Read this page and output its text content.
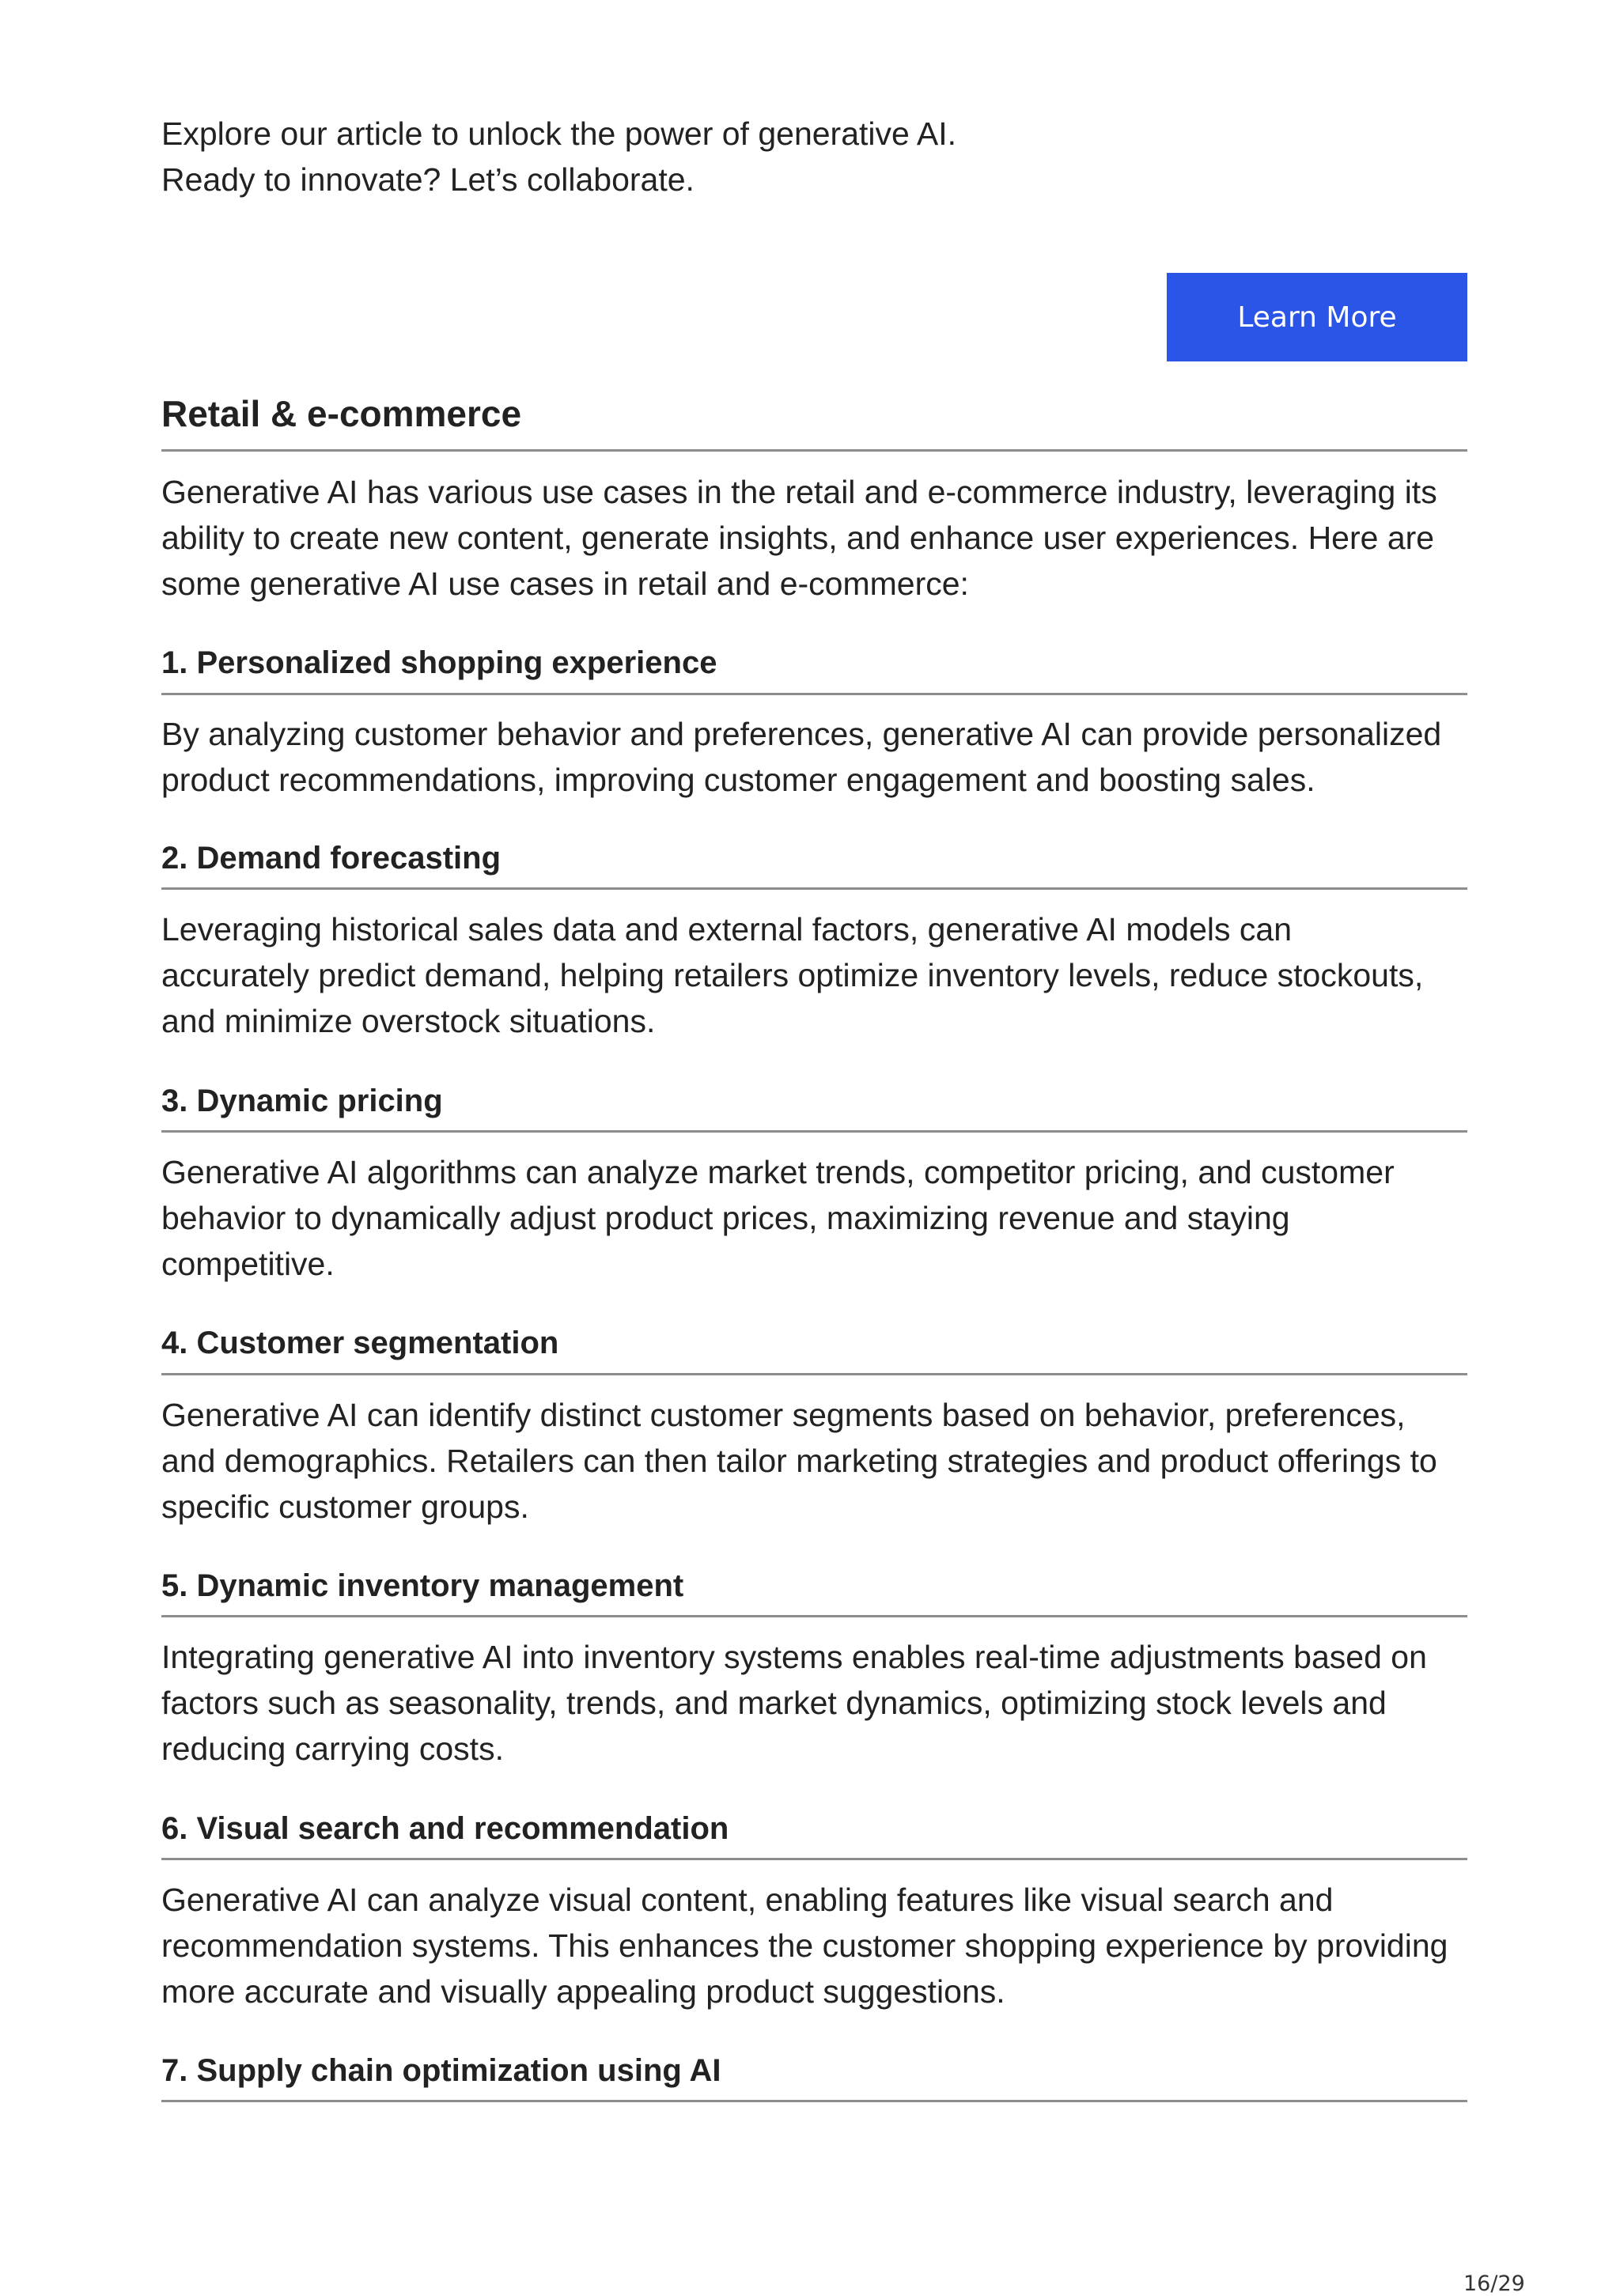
Explore our article to unlock the power of generative AI.

Ready to innovate? Let’s collaborate.

Learn More
Retail & e-commerce

Generative AI has various use cases in the retail and e-commerce industry, leveraging its
ability to create new content, generate insights, and enhance user experiences. Here are
some generative AI use cases in retail and e-commerce:

1. Personalized shopping experience

By analyzing customer behavior and preferences, generative AI can provide personalized
product recommendations, improving customer engagement and boosting sales.

2. Demand forecasting

Leveraging historical sales data and external factors, generative AI models can
accurately predict demand, helping retailers optimize inventory levels, reduce stockouts,
and minimize overstock situations.

3. Dynamic pricing

Generative AI algorithms can analyze market trends, competitor pricing, and customer
behavior to dynamically adjust product prices, maximizing revenue and staying
competitive.

4. Customer segmentation

Generative AI can identify distinct customer segments based on behavior, preferences,
and demographics. Retailers can then tailor marketing strategies and product offerings to
specific customer groups.

5. Dynamic inventory management

Integrating generative AI into inventory systems enables real-time adjustments based on
factors such as seasonality, trends, and market dynamics, optimizing stock levels and
reducing carrying costs.

6. Visual search and recommendation

Generative AI can analyze visual content, enabling features like visual search and
recommendation systems. This enhances the customer shopping experience by providing
more accurate and visually appealing product suggestions.

7. Supply chain optimization using AI
16/29
